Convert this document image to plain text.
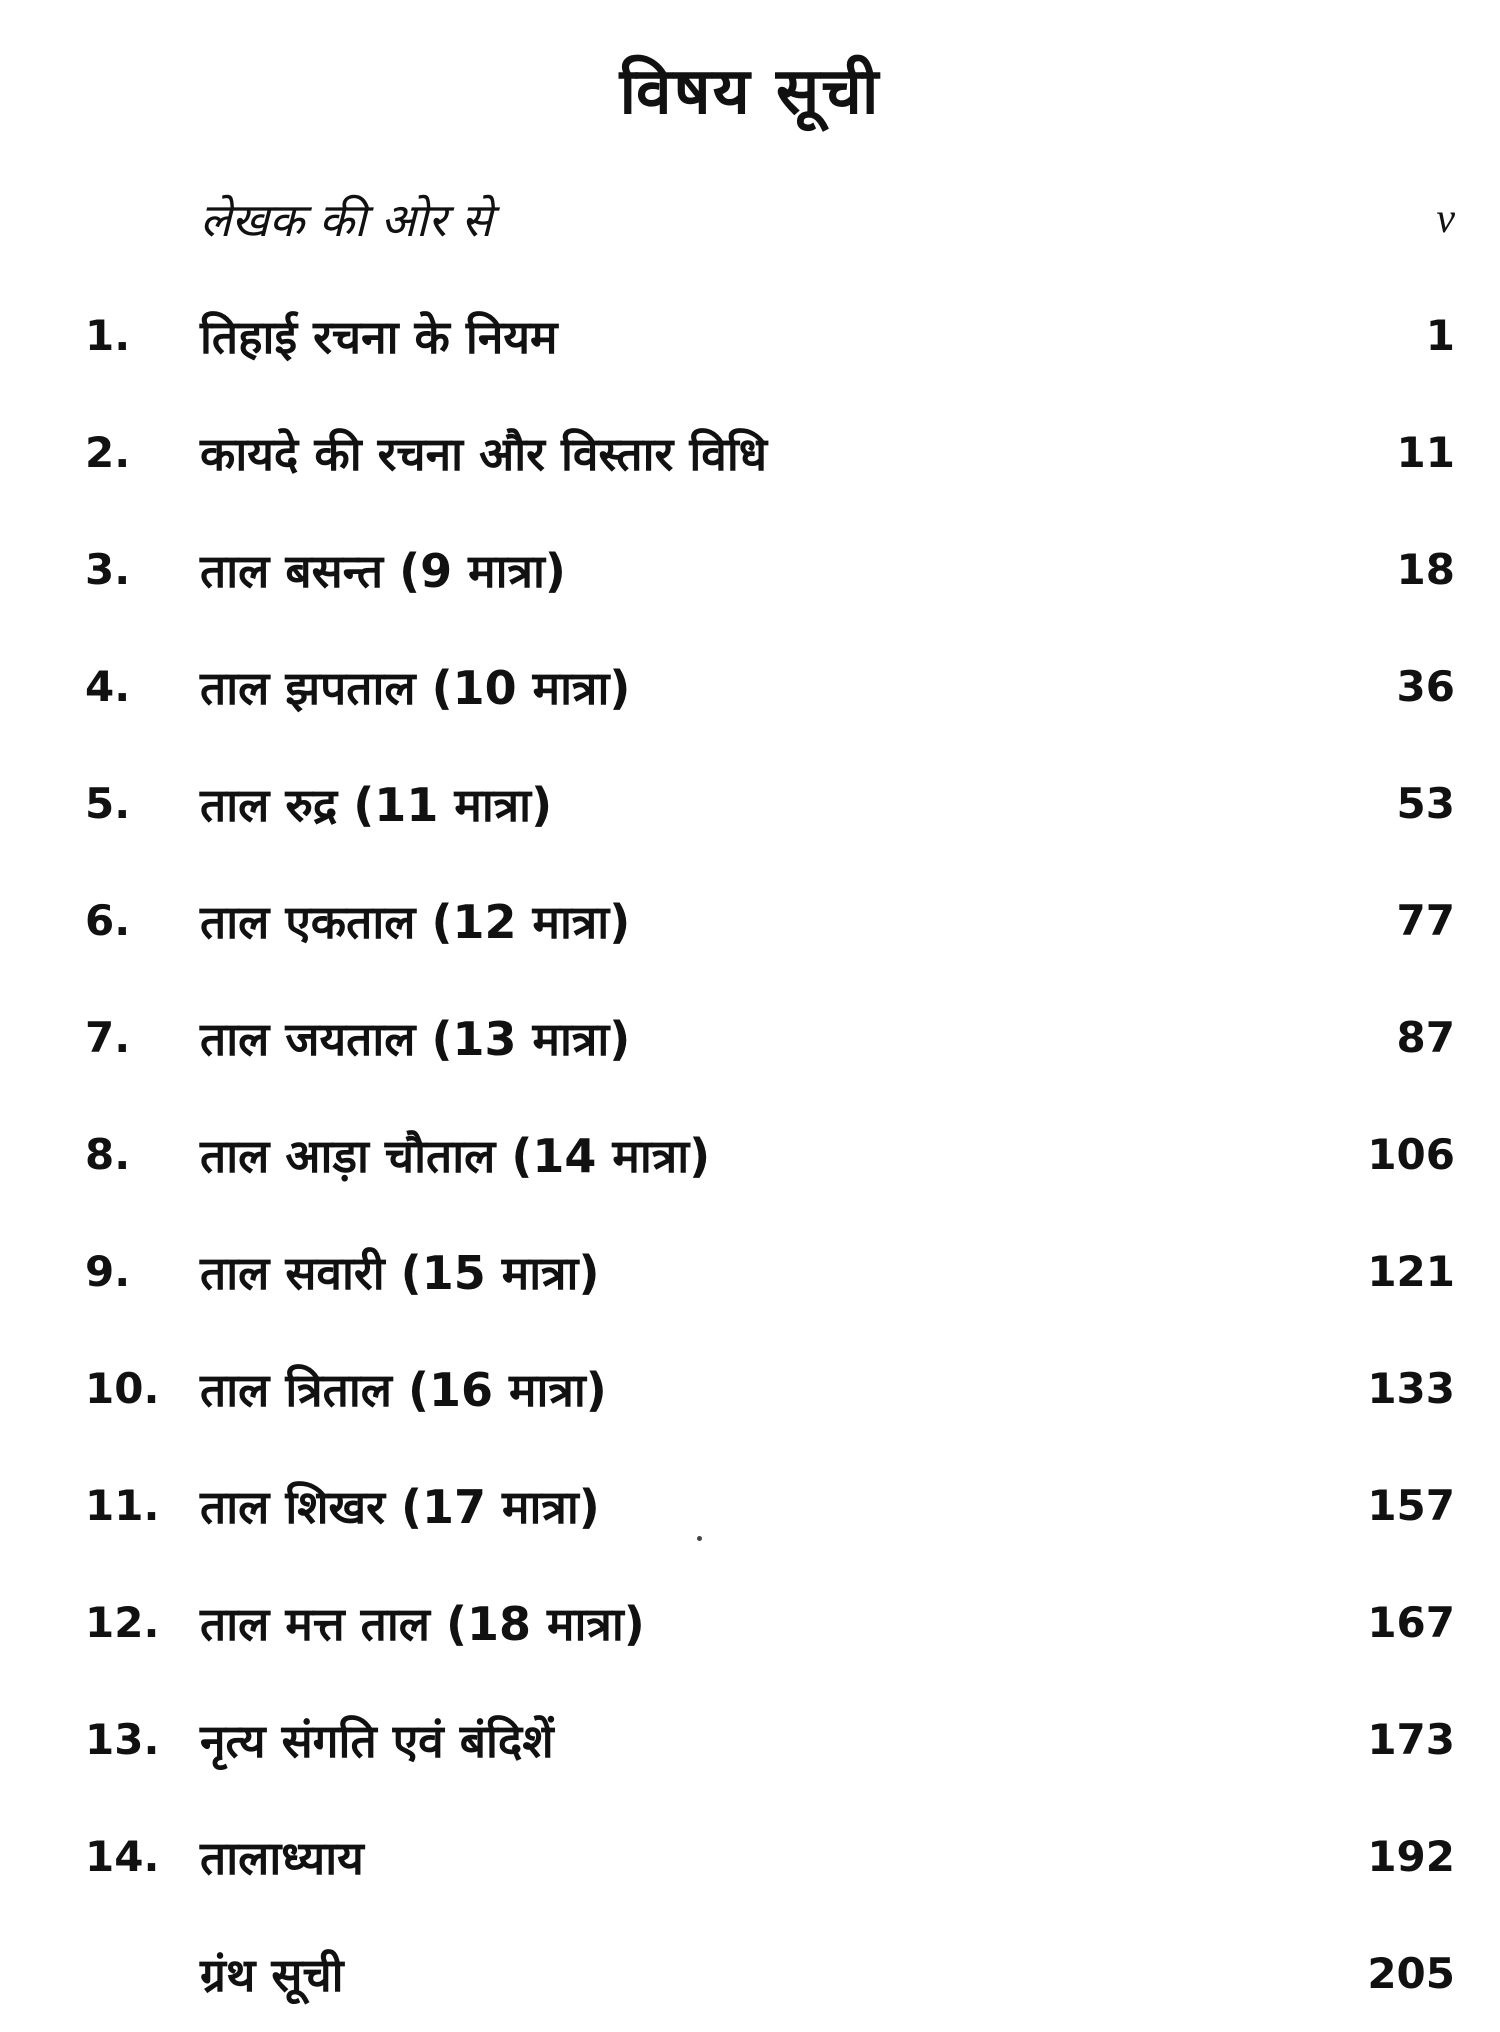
विषय सूची
लेखक की ओर से	v
1.	तिहाई रचना के नियम	1
2.	कायदे की रचना और विस्तार विधि	11
3.	ताल बसन्त (9 मात्रा)	18
4.	ताल झपताल (10 मात्रा)	36
5.	ताल रुद्र (11 मात्रा)	53
6.	ताल एकताल (12 मात्रा)	77
7.	ताल जयताल (13 मात्रा)	87
8.	ताल आड़ा चौताल (14 मात्रा)	106
9.	ताल सवारी (15 मात्रा)	121
10. ताल त्रिताल (16 मात्रा)	133
11. ताल शिखर (17 मात्रा)	157
12. ताल मत्त ताल (18 मात्रा)	167
13. नृत्य संगति एवं बंदिशें	173
14. तालाध्याय	192
ग्रंथ सूची	205
